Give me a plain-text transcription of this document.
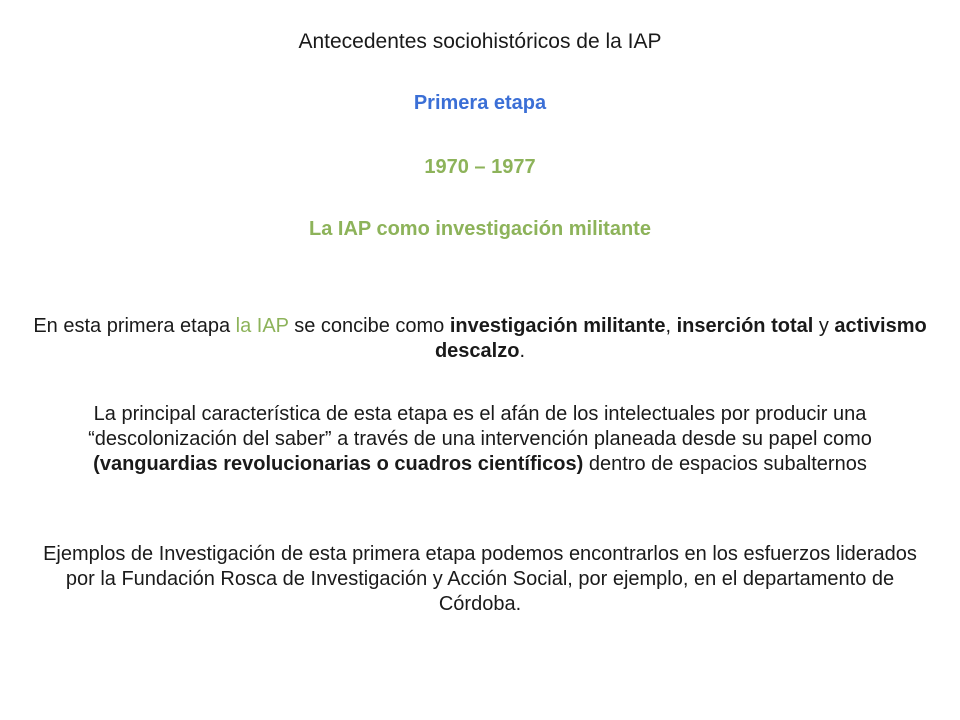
Antecedentes sociohistóricos de la IAP

Primera etapa

1970 – 1977

La IAP como investigación militante

En esta primera etapa la IAP se concibe como investigación militante, inserción total y activismo descalzo.

La principal característica de esta etapa es el afán de los intelectuales por producir una “descolonización del saber” a través de una intervención planeada desde su papel como (vanguardias revolucionarias o cuadros científicos) dentro de espacios subalternos

Ejemplos de Investigación de esta primera etapa podemos encontrarlos en los esfuerzos liderados por la Fundación Rosca de Investigación y Acción Social, por ejemplo, en el departamento de Córdoba.
